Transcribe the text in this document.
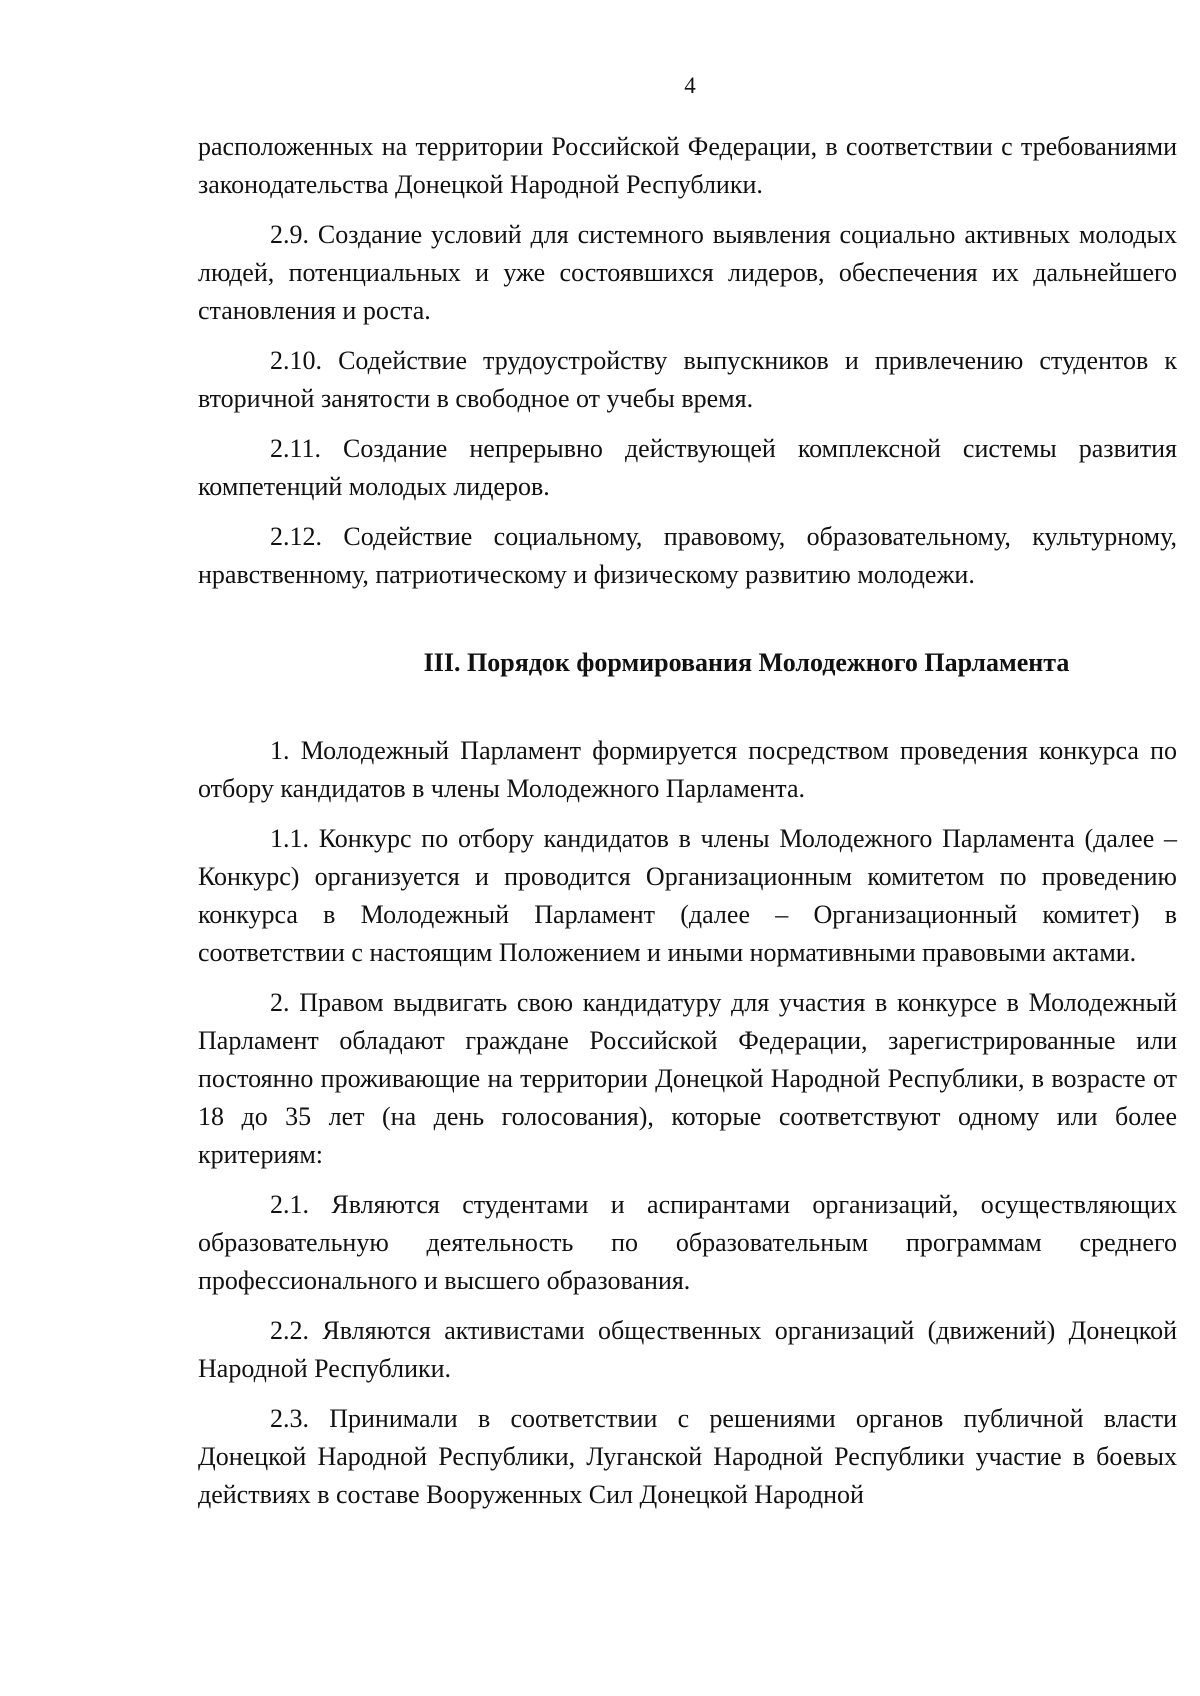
4

расположенных на территории Российской Федерации, в соответствии с требованиями законодательства Донецкой Народной Республики.

2.9. Создание условий для системного выявления социально активных молодых людей, потенциальных и уже состоявшихся лидеров, обеспечения их дальнейшего становления и роста.

2.10. Содействие трудоустройству выпускников и привлечению студентов к вторичной занятости в свободное от учебы время.

2.11. Создание непрерывно действующей комплексной системы развития компетенций молодых лидеров.

2.12. Содействие социальному, правовому, образовательному, культурному, нравственному, патриотическому и физическому развитию молодежи.

III. Порядок формирования Молодежного Парламента

1. Молодежный Парламент формируется посредством проведения конкурса по отбору кандидатов в члены Молодежного Парламента.

1.1. Конкурс по отбору кандидатов в члены Молодежного Парламента (далее – Конкурс) организуется и проводится Организационным комитетом по проведению конкурса в Молодежный Парламент (далее – Организационный комитет) в соответствии с настоящим Положением и иными нормативными правовыми актами.

2. Правом выдвигать свою кандидатуру для участия в конкурсе в Молодежный Парламент обладают граждане Российской Федерации, зарегистрированные или постоянно проживающие на территории Донецкой Народной Республики, в возрасте от 18 до 35 лет (на день голосования), которые соответствуют одному или более критериям:

2.1. Являются студентами и аспирантами организаций, осуществляющих образовательную деятельность по образовательным программам среднего профессионального и высшего образования.

2.2. Являются активистами общественных организаций (движений) Донецкой Народной Республики.

2.3. Принимали в соответствии с решениями органов публичной власти Донецкой Народной Республики, Луганской Народной Республики участие в боевых действиях в составе Вооруженных Сил Донецкой Народной
